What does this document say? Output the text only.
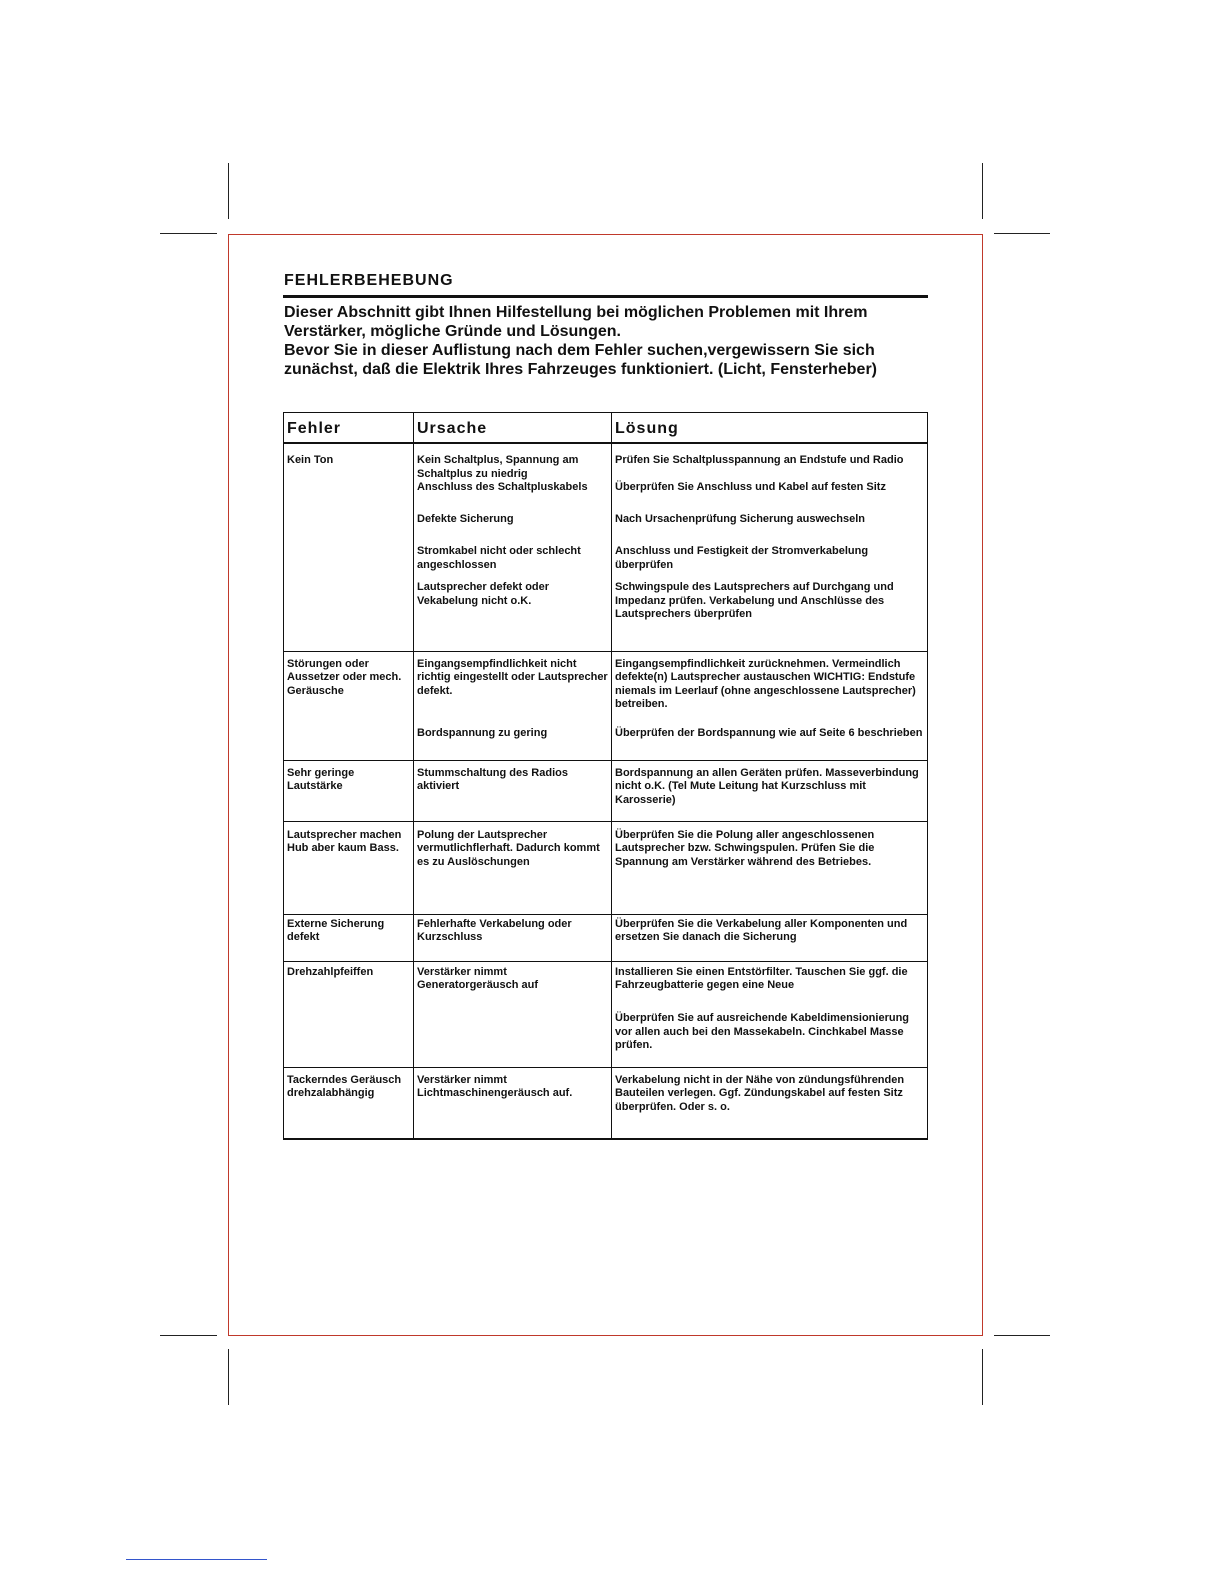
FEHLERBEHEBUNG

Dieser Abschnitt gibt Ihnen Hilfestellung bei möglichen Problemen mit Ihrem Verstärker, mögliche Gründe und Lösungen.

Bevor Sie in dieser Auflistung nach dem Fehler suchen,vergewissern Sie sich zunächst, daß die Elektrik Ihres Fahrzeuges funktioniert. (Licht, Fensterheber)

Fehler	Ursache	Lösung
Kein Ton	Kein Schaltplus, Spannung am Schaltplus zu niedrig	Prüfen Sie Schaltplusspannung an Endstufe und Radio
	Anschluss des Schaltpluskabels	Überprüfen Sie Anschluss und Kabel auf festen Sitz
	Defekte Sicherung	Nach Ursachenprüfung Sicherung auswechseln
	Stromkabel nicht oder schlecht angeschlossen	Anschluss und Festigkeit der Stromverkabelung überprüfen
	Lautsprecher defekt oder Vekabelung nicht o.K.	Schwingspule des Lautsprechers auf Durchgang und Impedanz prüfen. Verkabelung und Anschlüsse des Lautsprechers überprüfen
Störungen oder Aussetzer oder mech. Geräusche	Eingangsempfindlichkeit nicht richtig eingestellt oder Lautsprecher defekt.	Eingangsempfindlichkeit zurücknehmen. Vermeindlich defekte(n) Lautsprecher austauschen WICHTIG: Endstufe niemals im Leerlauf (ohne angeschlossene Lautsprecher) betreiben.
	Bordspannung zu gering	Überprüfen der Bordspannung wie auf Seite 6 beschrieben
Sehr geringe Lautstärke	Stummschaltung des Radios aktiviert	Bordspannung an allen Geräten prüfen. Masseverbindung nicht o.K. (Tel Mute Leitung hat Kurzschluss mit Karosserie)
Lautsprecher machen Hub aber kaum Bass.	Polung der Lautsprecher vermutlichflerhaft. Dadurch kommt es zu Auslöschungen	Überprüfen Sie die Polung aller angeschlossenen Lautsprecher bzw. Schwingspulen. Prüfen Sie die Spannung am Verstärker während des Betriebes.
Externe Sicherung defekt	Fehlerhafte Verkabelung oder Kurzschluss	Überprüfen Sie die Verkabelung aller Komponenten und ersetzen Sie danach die Sicherung
Drehzahlpfeiffen	Verstärker nimmt Generatorgeräusch auf	Installieren Sie einen Entstörfilter. Tauschen Sie ggf. die Fahrzeugbatterie gegen eine Neue
		Überprüfen Sie auf ausreichende Kabeldimensionierung vor allen auch bei den Massekabeln. Cinchkabel Masse prüfen.
Tackerndes Geräusch drehzalabhängig	Verstärker nimmt Lichtmaschinengeräusch auf.	Verkabelung nicht in der Nähe von zündungsführenden Bauteilen verlegen. Ggf. Zündungskabel auf festen Sitz überprüfen. Oder s. o.
